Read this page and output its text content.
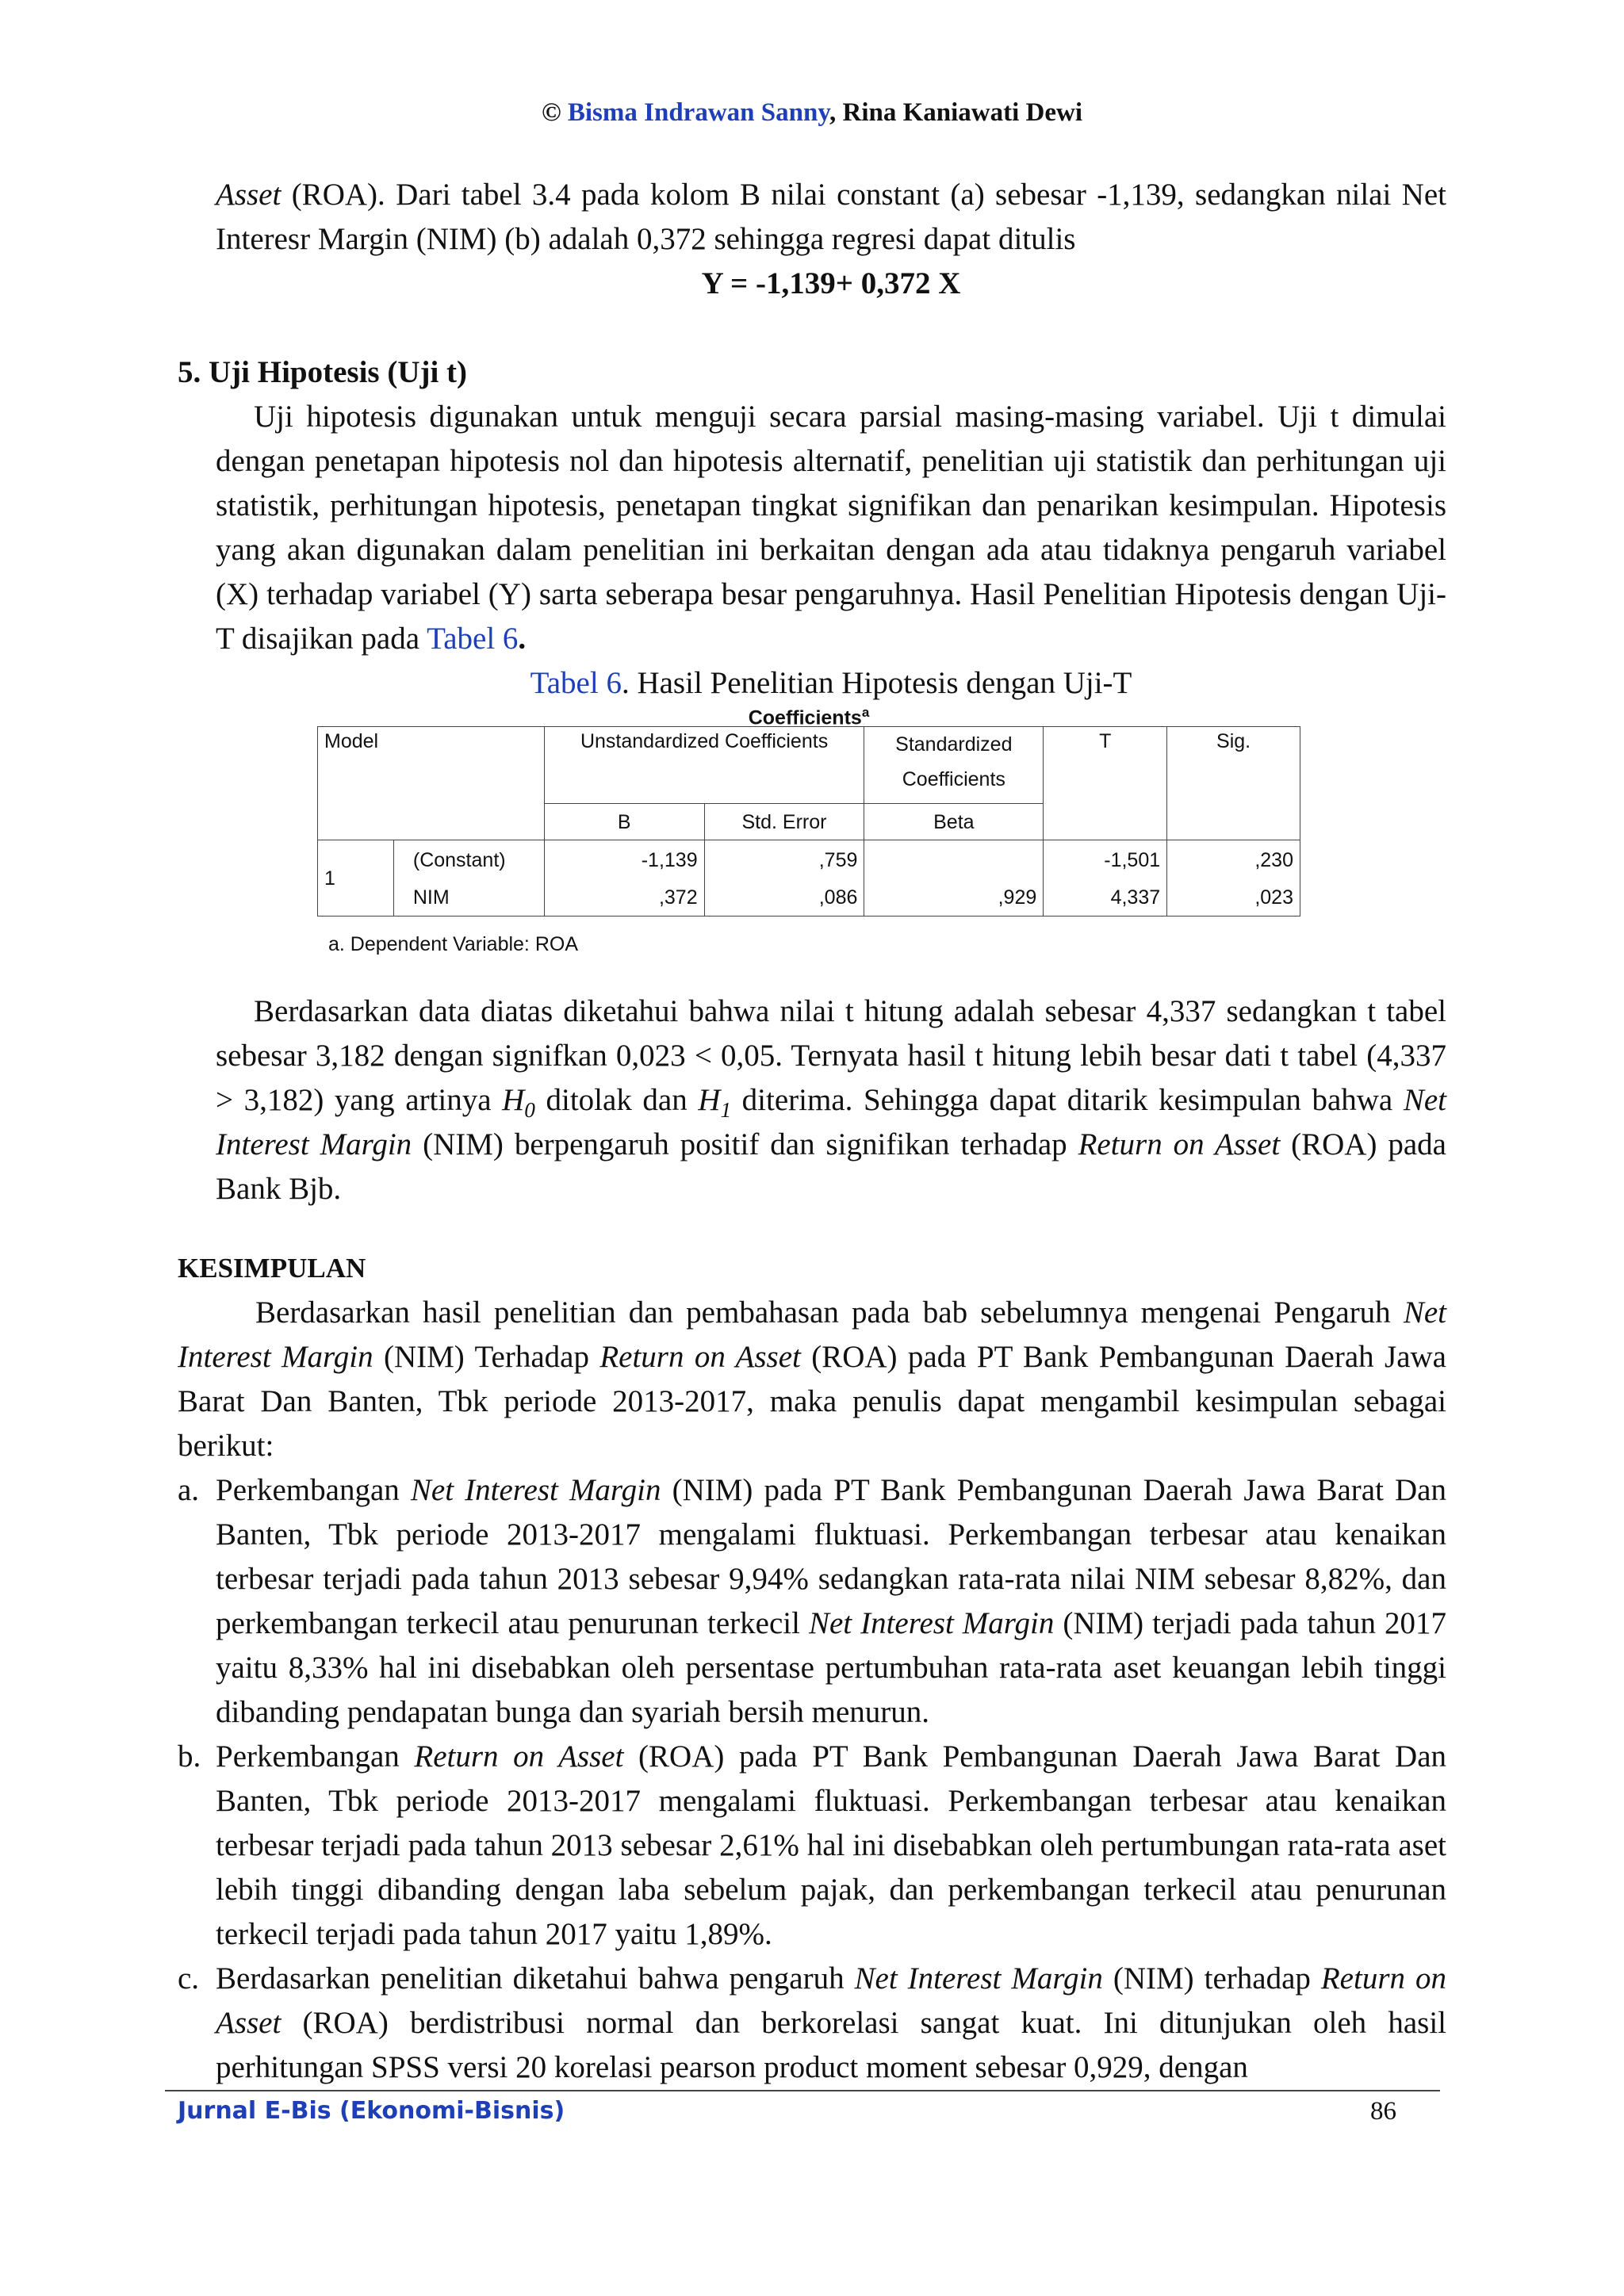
© Bisma Indrawan Sanny, Rina Kaniawati Dewi

Asset (ROA). Dari tabel 3.4 pada kolom B nilai constant (a) sebesar -1,139, sedangkan nilai Net Interesr Margin (NIM) (b) adalah 0,372 sehingga regresi dapat ditulis

Y = -1,139+ 0,372 X

5. Uji Hipotesis (Uji t)

Uji hipotesis digunakan untuk menguji secara parsial masing-masing variabel. Uji t dimulai dengan penetapan hipotesis nol dan hipotesis alternatif, penelitian uji statistik dan perhitungan uji statistik, perhitungan hipotesis, penetapan tingkat signifikan dan penarikan kesimpulan. Hipotesis yang akan digunakan dalam penelitian ini berkaitan dengan ada atau tidaknya pengaruh variabel (X) terhadap variabel (Y) sarta seberapa besar pengaruhnya. Hasil Penelitian Hipotesis dengan Uji-T disajikan pada Tabel 6.

Tabel 6. Hasil Penelitian Hipotesis dengan Uji-T

Coefficients$^a$
Model		Unstandardized Coefficients		Standardized Coefficients	T	Sig.
		B	Std. Error	Beta		
1	(Constant)	-1,139	,759		-1,501	,230
	NIM	,372	,086	,929	4,337	,023
a. Dependent Variable: ROA

Berdasarkan data diatas diketahui bahwa nilai t hitung adalah sebesar 4,337 sedangkan t tabel sebesar 3,182 dengan signifkan 0,023 < 0,05. Ternyata hasil t hitung lebih besar dati t tabel (4,337 > 3,182) yang artinya $H_0$ ditolak dan $H_1$ diterima. Sehingga dapat ditarik kesimpulan bahwa Net Interest Margin (NIM) berpengaruh positif dan signifikan terhadap Return on Asset (ROA) pada Bank Bjb.

KESIMPULAN

Berdasarkan hasil penelitian dan pembahasan pada bab sebelumnya mengenai Pengaruh Net Interest Margin (NIM) Terhadap Return on Asset (ROA) pada PT Bank Pembangunan Daerah Jawa Barat Dan Banten, Tbk periode 2013-2017, maka penulis dapat mengambil kesimpulan sebagai berikut:

a. Perkembangan Net Interest Margin (NIM) pada PT Bank Pembangunan Daerah Jawa Barat Dan Banten, Tbk periode 2013-2017 mengalami fluktuasi. Perkembangan terbesar atau kenaikan terbesar terjadi pada tahun 2013 sebesar 9,94% sedangkan rata-rata nilai NIM sebesar 8,82%, dan perkembangan terkecil atau penurunan terkecil Net Interest Margin (NIM) terjadi pada tahun 2017 yaitu 8,33% hal ini disebabkan oleh persentase pertumbuhan rata-rata aset keuangan lebih tinggi dibanding pendapatan bunga dan syariah bersih menurun.
b. Perkembangan Return on Asset (ROA) pada PT Bank Pembangunan Daerah Jawa Barat Dan Banten, Tbk periode 2013-2017 mengalami fluktuasi. Perkembangan terbesar atau kenaikan terbesar terjadi pada tahun 2013 sebesar 2,61% hal ini disebabkan oleh pertumbungan rata-rata aset lebih tinggi dibanding dengan laba sebelum pajak, dan perkembangan terkecil atau penurunan terkecil terjadi pada tahun 2017 yaitu 1,89%.
c. Berdasarkan penelitian diketahui bahwa pengaruh Net Interest Margin (NIM) terhadap Return on Asset (ROA) berdistribusi normal dan berkorelasi sangat kuat. Ini ditunjukan oleh hasil perhitungan SPSS versi 20 korelasi pearson product moment sebesar 0,929, dengan
Jurnal E-Bis (Ekonomi-Bisnis)	86
